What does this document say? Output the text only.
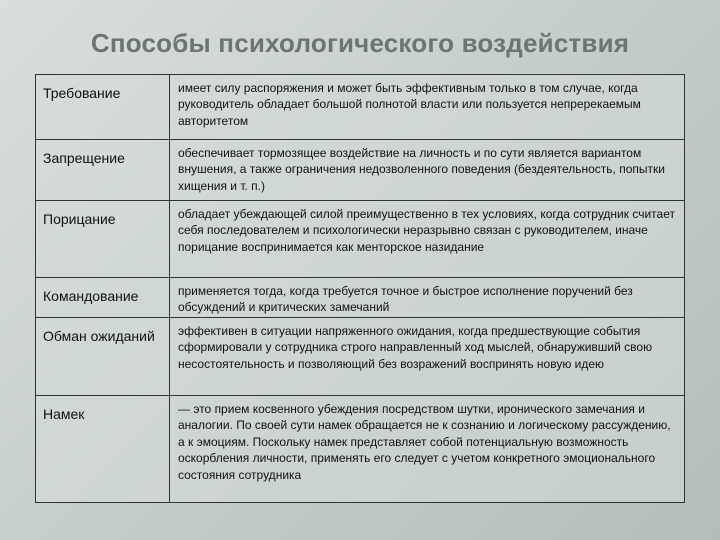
Способы психологического воздействия
Требование	имеет силу распоряжения и может быть эффективным только в том случае, когда руководитель обладает большой полнотой власти или пользуется непререкаемым авторитетом
Запрещение	обеспечивает тормозящее воздействие на личность и по сути является вариантом внушения, а также ограничения недозволенного поведения (бездеятельность, попытки хищения и т. п.)
Порицание	обладает убеждающей силой преимущественно в тех условиях, когда сотрудник считает себя последователем и психологически неразрывно связан с руководителем, иначе порицание воспринимается как менторское назидание
Командование	применяется тогда, когда требуется точное и быстрое исполнение поручений без обсуждений и критических замечаний
Обман ожиданий	эффективен в ситуации напряженного ожидания, когда предшествующие события сформировали у сотрудника строго направленный ход мыслей, обнаруживший свою несостоятельность и позволяющий без возражений воспринять новую идею
Намек	— это прием косвенного убеждения посредством шутки, иронического замечания и аналогии. По своей сути намек обращается не к сознанию и логическому рассуждению, а к эмоциям. Поскольку намек представляет собой потенциальную возможность оскорбления личности, применять его следует с учетом конкретного эмоционального состояния сотрудника
